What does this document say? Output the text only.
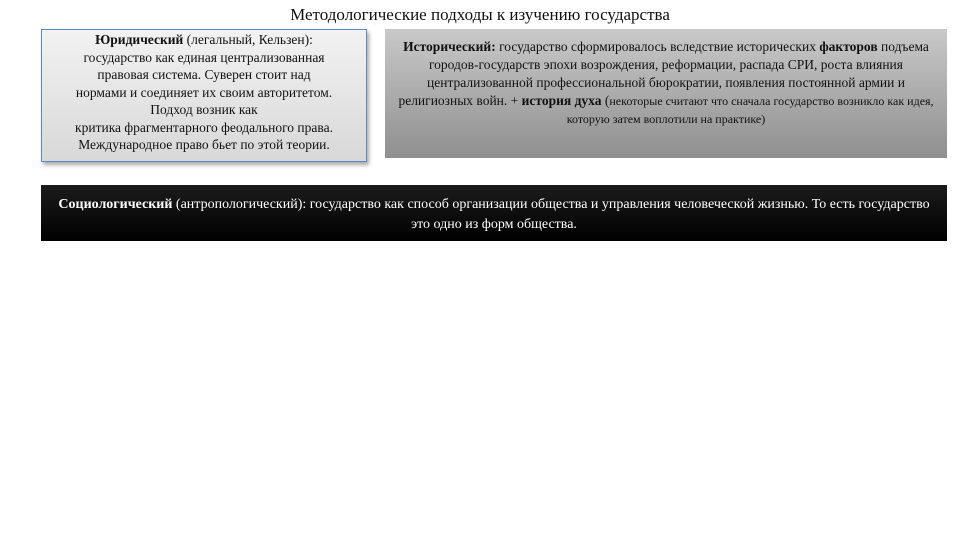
Методологические подходы к изучению государства
Юридический (легальный, Кельзен):
государство как единая централизованная
правовая система. Суверен стоит над
нормами и соединяет их своим авторитетом.
Подход возник как
критика фрагментарного феодального права.
Международное право бьет по этой теории.
Исторический: государство сформировалось вследствие исторических факторов подъема городов-государств эпохи возрождения, реформации, распада СРИ, роста влияния централизованной профессиональной бюрократии, появления постоянной армии и религиозных войн. + история духа (некоторые считают что сначала государство возникло как идея, которую затем воплотили на практике)
Социологический (антропологический): государство как способ организации общества и управления человеческой жизнью. То есть государство это одно из форм общества.
